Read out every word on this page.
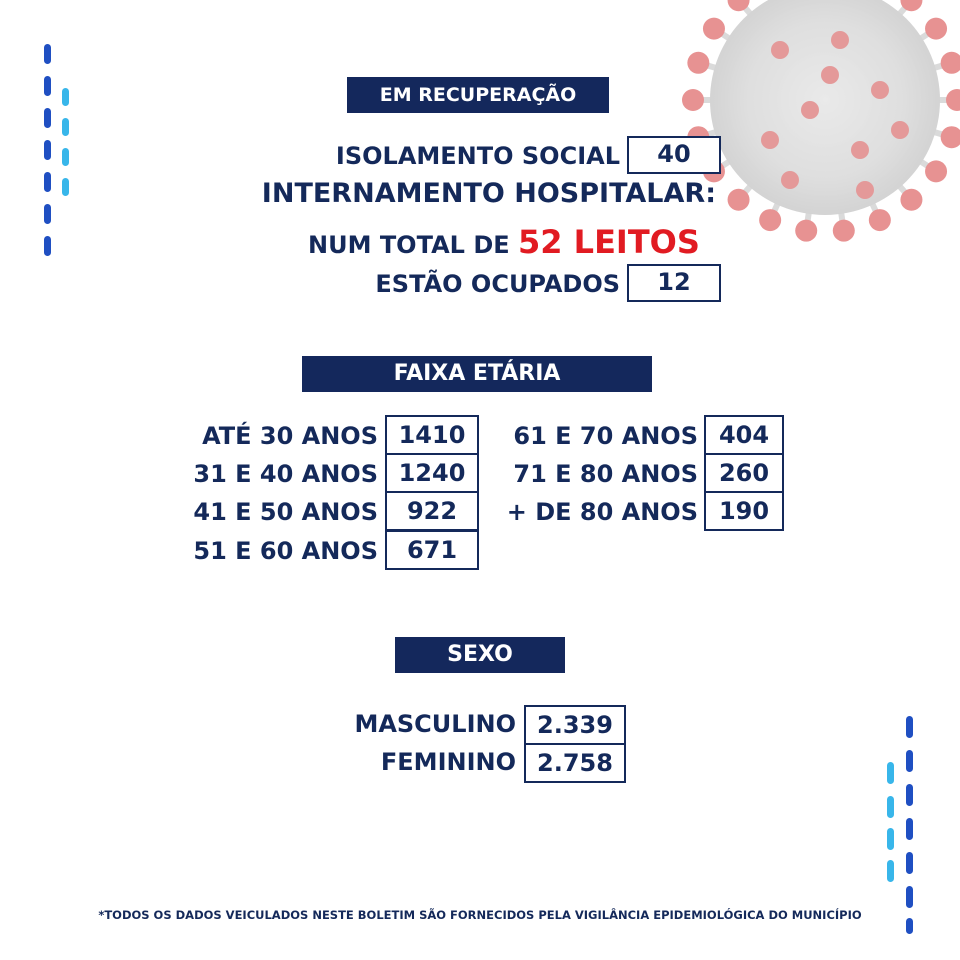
EM RECUPERAÇÃO
ISOLAMENTO SOCIAL	40
INTERNAMENTO HOSPITALAR:
NUM TOTAL DE 52 LEITOS
ESTÃO OCUPADOS	12
FAIXA ETÁRIA
ATÉ 30 ANOS
31 E 40 ANOS
41 E 50 ANOS
51 E 60 ANOS
1410
1240
922
671
61 E 70 ANOS
71 E 80 ANOS
+ DE 80 ANOS
404
260
190
SEXO
MASCULINO
FEMININO
2.339
2.758
*TODOS OS DADOS VEICULADOS NESTE BOLETIM SÃO FORNECIDOS PELA VIGILÂNCIA EPIDEMIOLÓGICA DO MUNICÍPIO
